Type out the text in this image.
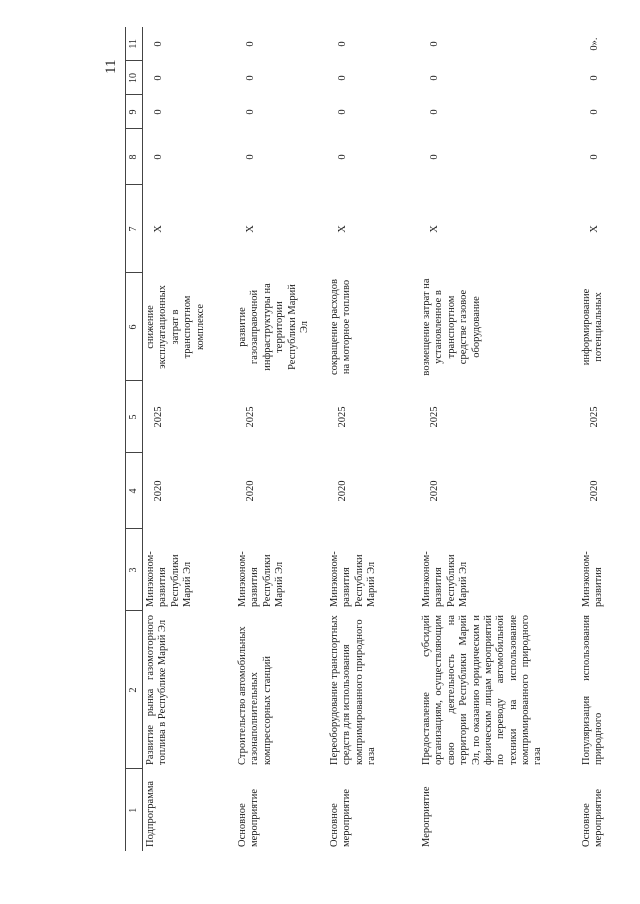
11
1	2	3	4	5	6	7	8	9	10	11
Подпрограмма	Развитие рынка газомоторного топлива в Республике Марий Эл	Минэконом-развития Республики Марий Эл	2020	2025	снижение эксплуатационных затрат в транспортном комплексе	Х	0	0	0	0
Основное мероприятие	Строительство автомобильных газонаполнительных компрессорных станций	Минэконом-развития Республики Марий Эл	2020	2025	развитие газозаправочной инфраструктуры на территории Республики Марий Эл	Х	0	0	0	0
Основное мероприятие	Переоборудование транспортных средств для использования компримированного природного газа	Минэконом-развития Республики Марий Эл	2020	2025	сокращение расходов на моторное топливо	Х	0	0	0	0
Мероприятие	Предоставление субсидий организациям, осуществляющим свою деятельность на территории Республики Марий Эл, по оказанию юридическим и физическим лицам мероприятий по переводу автомобильной техники на использование компримированного природного газа	Минэконом-развития Республики Марий Эл	2020	2025	возмещение затрат на установленное в транспортном средстве газовое оборудование	Х	0	0	0	0
Основное мероприятие	Популяризация использования природного	Минэконом-развития	2020	2025	информирование потенциальных	Х	0	0	0	0».
